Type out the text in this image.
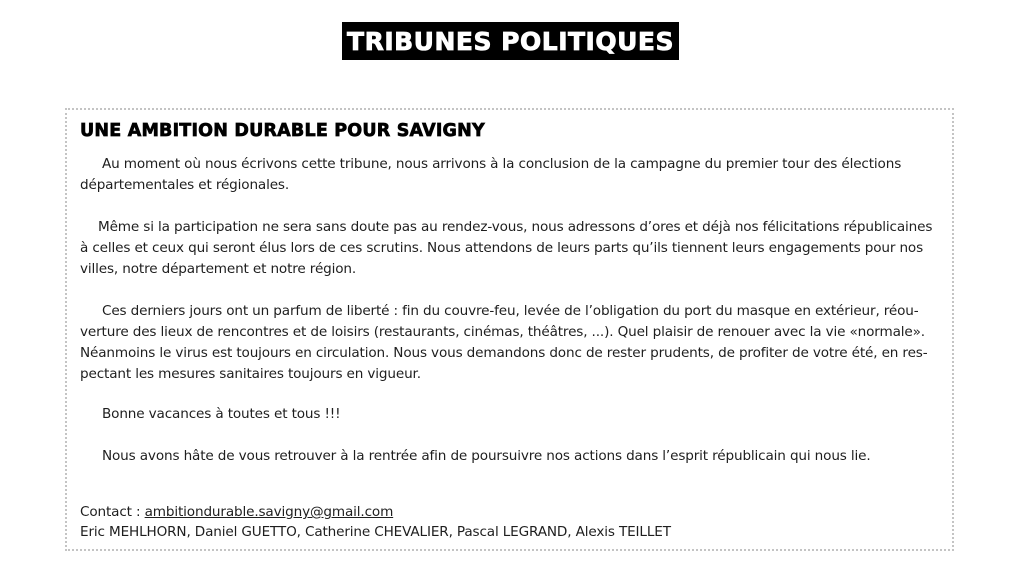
TRIBUNES POLITIQUES
UNE AMBITION DURABLE POUR SAVIGNY
Au moment où nous écrivons cette tribune, nous arrivons à la conclusion de la campagne du premier tour des élections
départementales et régionales.
Même si la participation ne sera sans doute pas au rendez-vous, nous adressons d’ores et déjà nos félicitations républicaines
à celles et ceux qui seront élus lors de ces scrutins. Nous attendons de leurs parts qu’ils tiennent leurs engagements pour nos
villes, notre département et notre région.
Ces derniers jours ont un parfum de liberté : fin du couvre-feu, levée de l’obligation du port du masque en extérieur, réou-
verture des lieux de rencontres et de loisirs (restaurants, cinémas, théâtres, ...). Quel plaisir de renouer avec la vie «normale».
Néanmoins le virus est toujours en circulation. Nous vous demandons donc de rester prudents, de profiter de votre été, en res-
pectant les mesures sanitaires toujours en vigueur.
Bonne vacances à toutes et tous !!!
Nous avons hâte de vous retrouver à la rentrée afin de poursuivre nos actions dans l’esprit républicain qui nous lie.
Contact : ambitiondurable.savigny@gmail.com
Eric MEHLHORN, Daniel GUETTO, Catherine CHEVALIER, Pascal LEGRAND, Alexis TEILLET
